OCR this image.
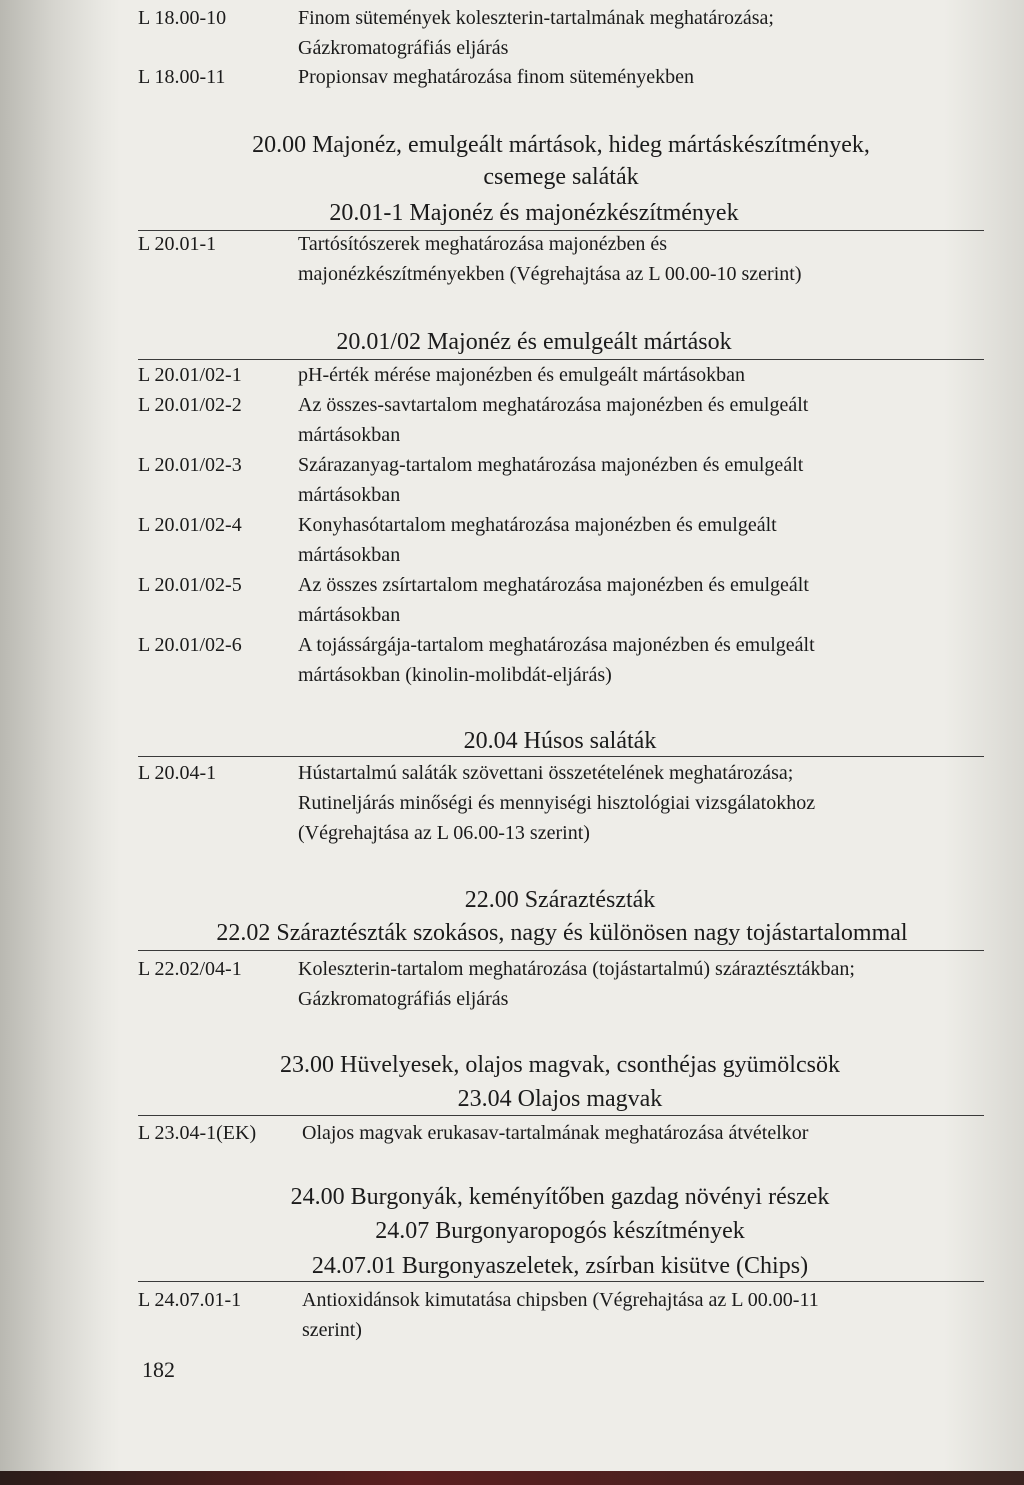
L 18.00-10	Finom sütemények koleszterin-tartalmának meghatározása;
Gázkromatográfiás eljárás
L 18.00-11	Propionsav meghatározása finom süteményekben
20.00 Majonéz, emulgeált mártások, hideg mártáskészítmények,
csemege saláták
20.01-1 Majonéz és majonézkészítmények
L 20.01-1	Tartósítószerek meghatározása majonézben és
majonézkészítményekben (Végrehajtása az L 00.00-10 szerint)
20.01/02 Majonéz és emulgeált mártások
L 20.01/02-1	pH-érték mérése majonézben és emulgeált mártásokban
L 20.01/02-2	Az összes-savtartalom meghatározása majonézben és emulgeált
mártásokban
L 20.01/02-3	Szárazanyag-tartalom meghatározása majonézben és emulgeált
mártásokban
L 20.01/02-4	Konyhasótartalom meghatározása majonézben és emulgeált
mártásokban
L 20.01/02-5	Az összes zsírtartalom meghatározása majonézben és emulgeált
mártásokban
L 20.01/02-6	A tojássárgája-tartalom meghatározása majonézben és emulgeált
mártásokban (kinolin-molibdát-eljárás)
20.04 Húsos saláták
L 20.04-1	Hústartalmú saláták szövettani összetételének meghatározása;
Rutineljárás minőségi és mennyiségi hisztológiai vizsgálatokhoz
(Végrehajtása az L 06.00-13 szerint)
22.00 Száraztészták
22.02 Száraztészták szokásos, nagy és különösen nagy tojástartalommal
L 22.02/04-1	Koleszterin-tartalom meghatározása (tojástartalmú) száraztésztákban;
Gázkromatográfiás eljárás
23.00 Hüvelyesek, olajos magvak, csonthéjas gyümölcsök
23.04 Olajos magvak
L 23.04-1(EK) Olajos magvak erukasav-tartalmának meghatározása átvételkor
24.00 Burgonyák, keményítőben gazdag növényi részek
24.07 Burgonyaropogós készítmények
24.07.01 Burgonyaszeletek, zsírban kisütve (Chips)
L 24.07.01-1	Antioxidánsok kimutatása chipsben (Végrehajtása az L 00.00-11
szerint)
182
